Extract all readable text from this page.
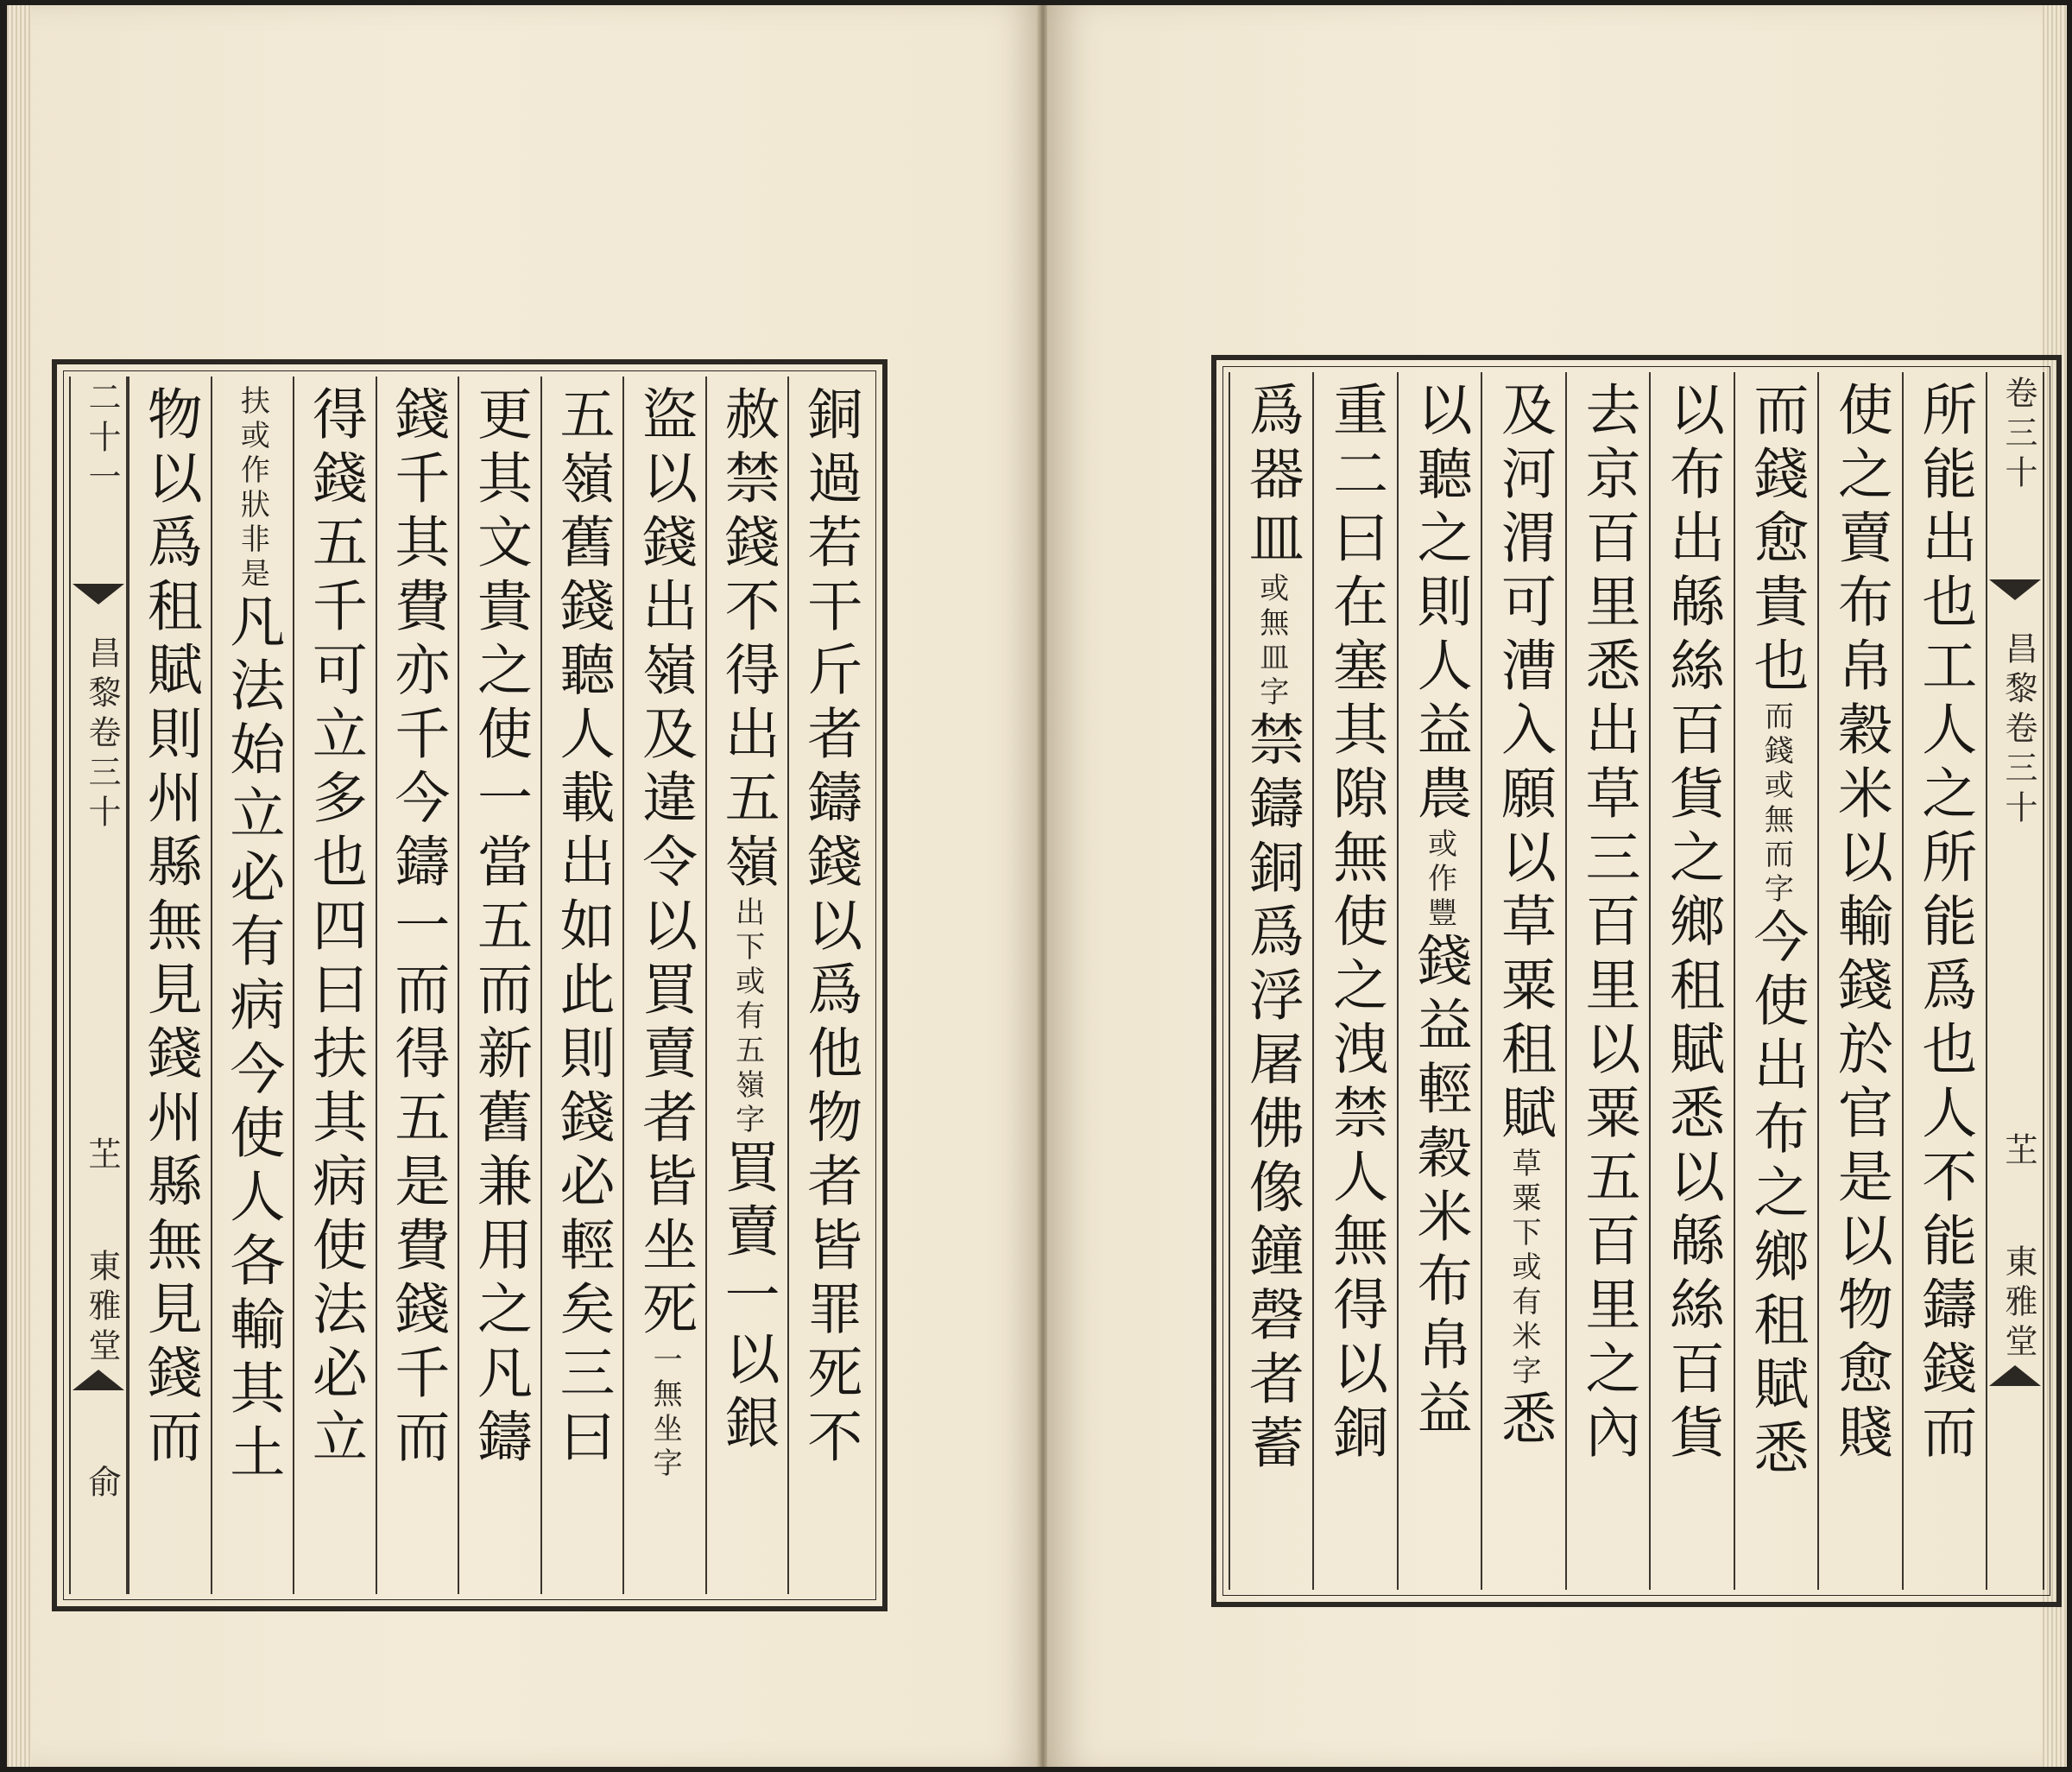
二十一
昌黎卷三十
芏
東雅堂
俞
銅過若干斤者鑄錢以爲他物者皆罪死不
赦禁錢不得出五嶺出下或有五嶺字買賣一以銀
盜以錢出嶺及違令以買賣者皆坐死一無坐字
五嶺舊錢聽人載出如此則錢必輕矣三曰
更其文貴之使一當五而新舊兼用之凡鑄
錢千其費亦千今鑄一而得五是費錢千而
得錢五千可立多也四曰扶其病使法必立
扶或作狀非是凡法始立必有病今使人各輸其土
物以爲租賦則州縣無見錢州縣無見錢而	卷三十
昌黎卷三十
芏
東雅堂
所能出也工人之所能爲也人不能鑄錢而
使之賣布帛穀米以輸錢於官是以物愈賤
而錢愈貴也而錢或無而字今使出布之鄉租賦悉
以布出緜絲百貨之鄉租賦悉以緜絲百貨
去京百里悉出草三百里以粟五百里之內
及河渭可漕入願以草粟租賦草粟下或有米字悉
以聽之則人益農或作豐錢益輕穀米布帛益
重二曰在塞其隙無使之洩禁人無得以銅
爲器皿或無皿字禁鑄銅爲浮屠佛像鐘磬者蓄
